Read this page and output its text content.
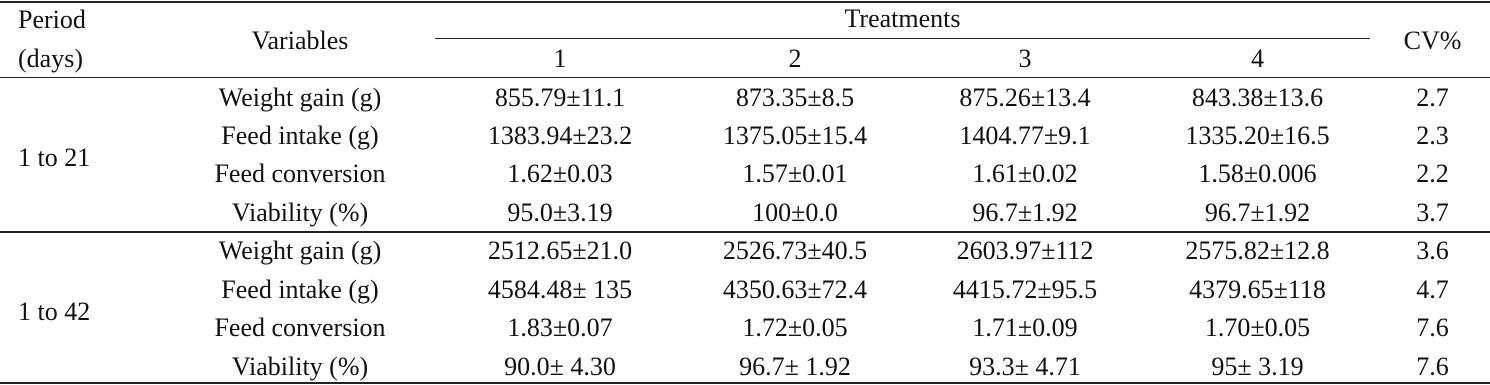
Period
(days)
Variables
Treatments
CV%
1	2	3	4
1 to 21
Weight gain (g)	855.79±11.1	873.35±8.5	875.26±13.4	843.38±13.6	2.7
Feed intake (g)	1383.94±23.2	1375.05±15.4	1404.77±9.1	1335.20±16.5	2.3
Feed conversion	1.62±0.03	1.57±0.01	1.61±0.02	1.58±0.006	2.2
Viability (%)	95.0±3.19	100±0.0	96.7±1.92	96.7±1.92	3.7
1 to 42
Weight gain (g)	2512.65±21.0	2526.73±40.5	2603.97±112	2575.82±12.8	3.6
Feed intake (g)	4584.48± 135	4350.63±72.4	4415.72±95.5	4379.65±118	4.7
Feed conversion	1.83±0.07	1.72±0.05	1.71±0.09	1.70±0.05	7.6
Viability (%)	90.0± 4.30	96.7± 1.92	93.3± 4.71	95± 3.19	7.6
